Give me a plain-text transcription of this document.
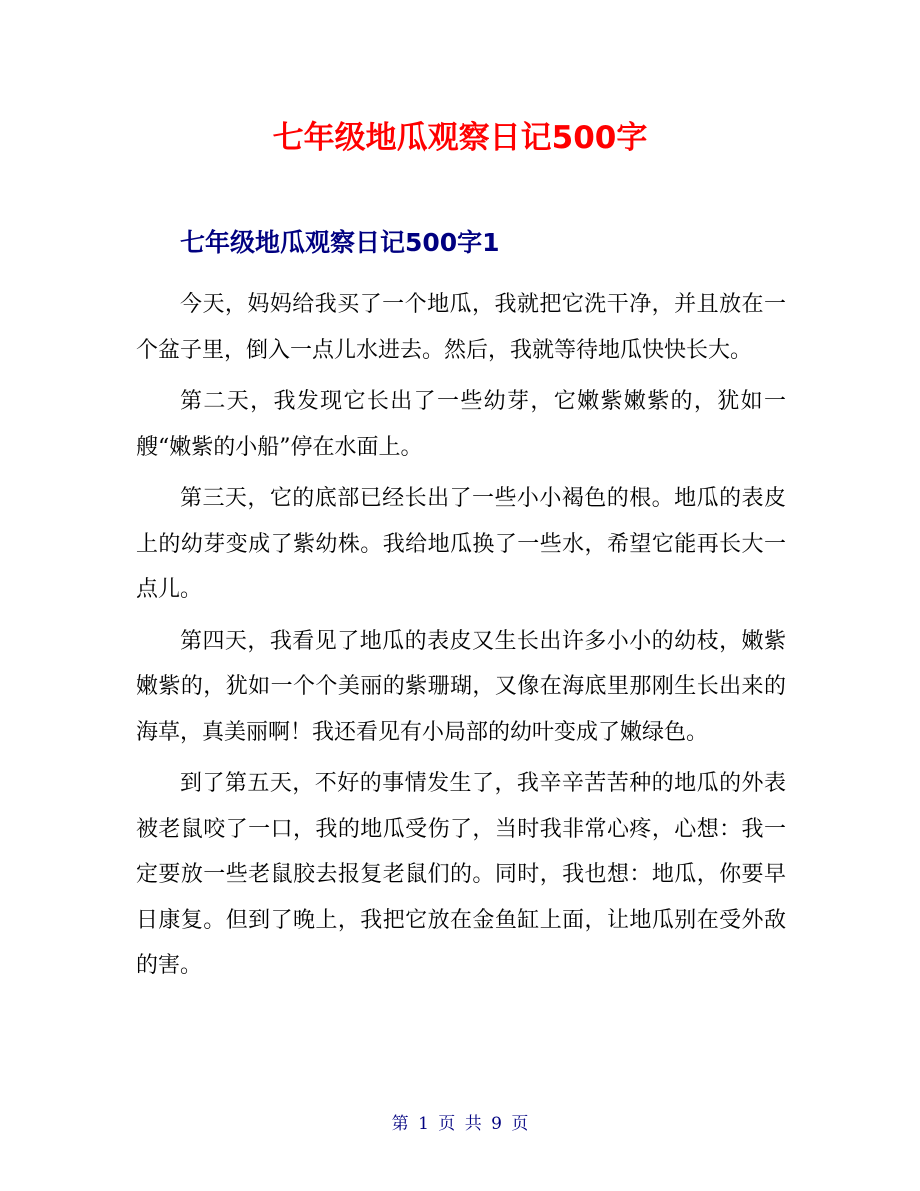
七年级地瓜观察日记500字
七年级地瓜观察日记500字1

今天，妈妈给我买了一个地瓜，我就把它洗干净，并且放在一个盆子里，倒入一点儿水进去。然后，我就等待地瓜快快长大。

第二天，我发现它长出了一些幼芽，它嫩紫嫩紫的，犹如一艘“嫩紫的小船”停在水面上。

第三天，它的底部已经长出了一些小小褐色的根。地瓜的表皮上的幼芽变成了紫幼株。我给地瓜换了一些水，希望它能再长大一点儿。

第四天，我看见了地瓜的表皮又生长出许多小小的幼枝，嫩紫嫩紫的，犹如一个个美丽的紫珊瑚，又像在海底里那刚生长出来的海草，真美丽啊！我还看见有小局部的幼叶变成了嫩绿色。

到了第五天，不好的事情发生了，我辛辛苦苦种的地瓜的外表被老鼠咬了一口，我的地瓜受伤了，当时我非常心疼，心想：我一定要放一些老鼠胶去报复老鼠们的。同时，我也想：地瓜，你要早日康复。但到了晚上，我把它放在金鱼缸上面，让地瓜别在受外敌的害。

第 1 页 共 9 页
